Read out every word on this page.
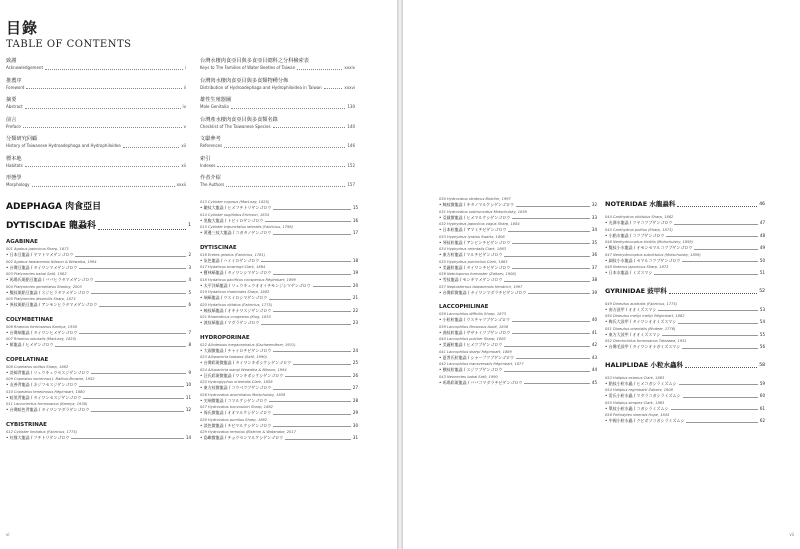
目錄
TABLE OF CONTENTS
致謝
Acknowledgement	i
推薦序
Foreword	ii
摘要
Abstract	iv
前言
Preface	v
分類研究回顧
History of Taiwanese Hydroadephaga and Hydrophiloidea	xii
標本地
Habitats	xii
形態學
Morphology	xxxii
台灣水棲肉食亞目與多食亞目總科之分科檢索表
Keys to The Families of Water Beetles of Taiwan	xxxiv
台灣肉水棲肉食亞目與多食類物種分佈
Distribution of Hydroadephaga and Hydrophiloidea in Taiwan	xxxvi
雄性生殖器圖
Male Genitalia	130
台灣產水棲肉食亞目與多食類名錄
Checklist of The Taiwanese Species	140
文獻參考
References	146
索引
Indexes	152
作者介紹
The Authors	157
ADEPHAGA 肉食亞目
DYTISCIDAE 龍蝨科	1
AGABINAE
001 Agabus japonicus Sharp, 1873
• 日本豆龍蝨 / ヤマトマメゲンゴロウ	2
002 Agabus taiwanensis Nilsson & Wewalka, 1994
• 台灣豆龍蝨 / タイワンマメゲンゴロウ	3
003 Platynectes babai Satô, 1982
• 馬場氏斑點豆龍蝨 / ババヒラタマメゲンゴロウ	4
004 Platynectes gemellatus Stastny, 2003
• 雙紋斑點豆龍蝨 / スジヒラタマメゲンゴロウ	5
005 Platynectes dissimilis Sharp, 1873
• 異紋斑點豆龍蝨 / アンモンヒラタマメゲンゴロウ	6
COLYMBETINAE
006 Rhantus formosanus Kamiya, 1938
• 台灣端龍蝨 / タイワンヒメゲンゴロウ	7
007 Rhantus suturalis (MacLeay, 1825)
• 姬龍蝨 / ヒメゲンゴロウ	8
COPELATINAE
008 Copelatus oblitus Sharp, 1882
• 淡褐背龍蝨 / リュウキュウセスジゲンゴロウ	9
009 Copelatus sociennus J. Balfour-Browne, 1952
• 友善背龍蝨 / ネジフセスジゲンゴロウ	10
010 Copelatus tenebrosus Régimbart, 1880
• 暗黑背龍蝨 / タイワンセスジゲンゴロウ	11
011 Lacconectus formosanus (Kamiya, 1938)
• 台灣暗色背龍蝨 / タイワンマダラゲンゴロウ	12
CYBISTRINAE
012 Cybister limbatus (Fabricius, 1775)
• 紅緣大龍蝨 / フチトリゲンゴロウ	14
013 Cybister rugosus (MacLeay, 1825)
• 皺紋大龍蝨 / ヒメフチトリゲンゴロウ	15
014 Cybister sugillatus Erichson, 1834
• 黑腹大龍蝨 / トビイロゲンゴロウ	16
015 Cybister tripunctatus lateralis (Fabricius, 1798)
• 黃邊三紋大龍蝨 / コガタノゲンゴロウ	17
DYTISCINAE
016 Eretes griseus (Fabricius, 1781)
• 灰色龍蝨 / ハイイロゲンゴロウ	18
017 Hydaticus bowringii Clark, 1864
• 寶林縞龍蝨 / タイワンシマゲンゴロウ	19
018 Hydaticus pacificus conspersus Régimbart, 1899
• 太平洋縞龍蝨 / リュウキュウオオイチモンジシマゲンゴロウ	20
019 Hydaticus rhantoides Sharp, 1882
• 端縞龍蝨 / ウスイロシマゲンゴロウ	21
020 Hydaticus vittatus (Fabricius, 1775)
• 線紋縞龍蝨 / オキナワスジゲンゴロウ	22
021 Rhantaticus congestus (Klug, 1833
• 波紋縞龍蝨 / マダラゲンゴロウ	23
HYDROPORINAE
022 Allodessus megacephalus (Gschwendtner, 1931)
• 大頭微龍蝨 / チャイロチビゲンゴロウ	24
023 Allopachria taiwana (Satô, 1990)
• 台灣彩斑微龍蝨 / タイワンキボシケシゲンゴロウ	25
024 Allopachria wangi Wewalka & Nilsson, 1994
• 汪氏彩斑微龍蝨 / ワンキボシケシゲンゴロウ	26
025 Hydroglyphus orientalis Clark, 1859
• 東方紋微龍蝨 / コウベツブゲンゴロウ	27
026 Hydrovatus acuminatus Motschulsky, 1859
• 尖端微龍蝨 / コマルケシゲンゴロウ	28
027 Hydrovatus bonvouloiri Sharp, 1882
• 保氏微龍蝨 / オオマルケシゲンゴロウ	29
028 Hydrovatus pumilus Sharp, 1882
• 淡色微龍蝨 / チビマルケシゲンゴロウ	30
029 Hydrovatus remotus (Biström & Watanabe, 2017
• 島嶼微龍蝨 / チョウセンマルケシゲンゴロウ	31
vi
030 Hydrovatus straticus Biström, 1997
• 線紋微龍蝨 / キタノマルケシゲンゴロウ	32
031 Hydrovatus subtruncatus Motschulsky, 1859
• 亞截微龍蝨 / ヒメマルケシゲンゴロウ	33
032 Hyphydrus japonicus vagus Sharp, 1884
• 日本粒龍蝨 / アマミチビゲンゴロウ	34
033 Hyphydrus lyratus Swartz, 1808
• 琴紋粒龍蝨 / アンピンチビゲンゴロウ	35
034 Hyphydrus orientalis Clark, 1863
• 東方粒龍蝨 / マルチビゲンゴロウ	36
035 Hyphydrus pulchellus Clark, 1863
• 美麗粒龍蝨 / タイワンチビゲンゴロウ	37
036 Nebrioporus formaster (Zaitzev, 1908)
• 雪紋龍蝨 / モンキマメゲンゴロウ	38
037 Neptosternus taiwanensis Hendrich, 1997
• 台灣彩微龍蝨 / タイワンマダラチビゲンゴロウ	39
LACCOPHILINAE
038 Laccophilus difficilis Sharp, 1873
• 小粒粒龍蝨 / ウスチャツブゲンゴロウ	40
039 Laccophilus flexuosus Aubé, 1838
• 曲紋粒龍蝨 / サザナミツブゲンゴロウ	41
040 Laccophilus pulcher Sharp, 1882
• 美麗粒龍蝨 / ヒメツブゲンゴロウ	42
041 Laccophilus sharpi Régimbart, 1889
• 夏普氏粒龍蝨 / シャープツブゲンゴロウ	43
042 Laccophilus transversalis Régimbart, 1877
• 橫紋粒龍蝨 / スジツブゲンゴロウ	44
043 Neonectes babai Satô, 1990
• 馬場彩斑龍蝨 / ババコマダラチビゲンゴロウ	45
NOTERIDAE 水龍蝨科	46
044 Canthydrus nitidulus Sharp, 1882
• 光澤水龍蝨 / ツヤコツブゲンゴロウ	47
045 Canthydrus politus (Sharp, 1873)
• 小點水龍蝨 / コツブゲンゴロウ	48
046 Neohydrocoptus bivittis (Motschulsky, 1859)
• 雙紋小水龍蝨 / オモンセマルコツブゲンゴロウ	49
047 Neohydrocoptus subvittulus (Motschulsky, 1859)
• 細紋小水龍蝨 / セマルコツブゲンゴロウ	50
048 Noterus japonicus Sharp, 1873
• 日本水龍蝨 / ミズスマシ	51
GYRINIDAE 豉甲科	52
049 Dineutus australis (Fabricius, 1775)
• 南方豉甲 / オオミズスマシ	53
050 Dineutus mellyi mellyi Régimbart, 1882
• 梅氏大豉甲 / タイワンオオミズスマシ	54
051 Dineutus orientalis (Modeer, 1776)
• 東方大豉甲 / オオミズスマシ	55
052 Orectochilus formosanus Takizawa, 1931
• 台灣毛豉甲 / タイワンオナガミズスマシ	56
HALIPLIDAE 小粒水蟲科	58
053 Haliplus eximius Clark, 1863
• 點紋小粒水蟲 / ヒメコガシラミズムシ	59
054 Haliplus regimbarti Zaitzev, 1908
• 雷氏小粒水蟲 / マダラコガシラミズムシ	60
055 Haliplus simplex Clark, 1863
• 單紋小粒水蟲 / コガシラミズムシ	61
056 Peltodytes sinensis Hope, 1845
• 中國小粒水蟲 / クビボソコガシラミズムシ	62
vii
